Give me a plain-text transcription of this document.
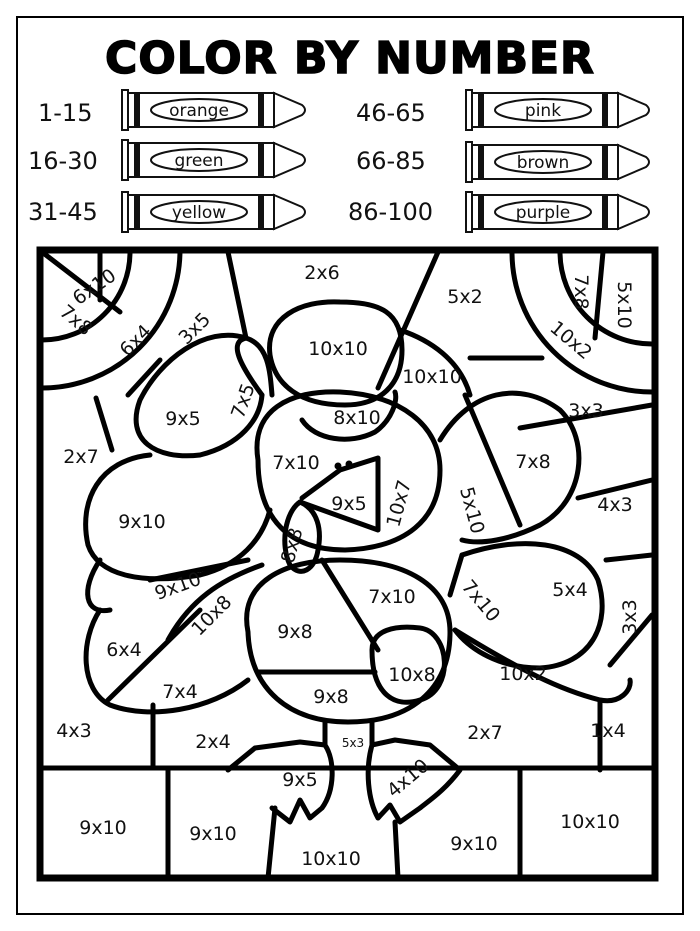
COLOR BY NUMBER
1-15	orange
16-30	green
31-45	yellow
46-65	pink
66-85	brown
86-100	purple
6x10
7x8
6x4 3x5
2x6
5x2	7x8 5x10
10x2
10x10
10x10
9x5 7x5	8x10	3x3
2x7	7x10	7x8
9x5 10x7 5x10	4x3
9x10
8x8
9x10	7x10 7x10	5x4
3x3
10x8 9x8
6x4
10x8	10x2
7x4	9x8
4x3	2x4	5x3	2x7	1x4
9x5	4x10
9x10	9x10
10x10
9x10
10x10
